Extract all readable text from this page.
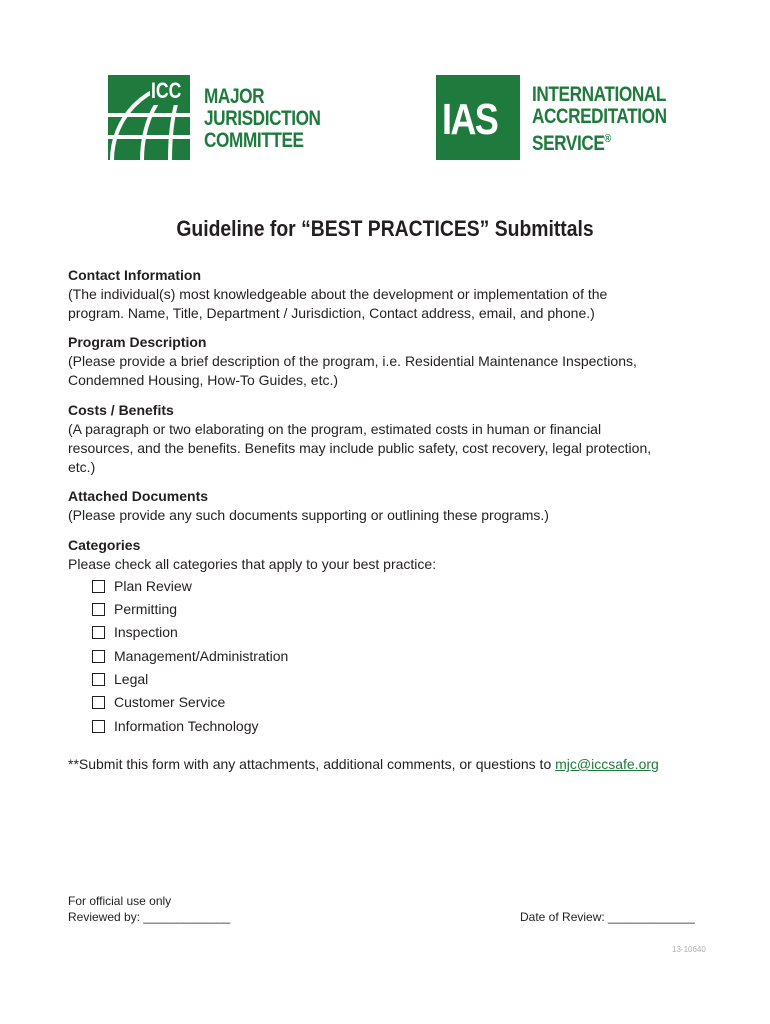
ICC MAJOR
JURISDICTION
COMMITTEE	IAS
INTERNATIONAL
ACCREDITATION
SERVICE®
Guideline for “BEST PRACTICES” Submittals

Contact Information

(The individual(s) most knowledgeable about the development or implementation of the

program. Name, Title, Department / Jurisdiction, Contact address, email, and phone.)

Program Description

(Please provide a brief description of the program, i.e. Residential Maintenance Inspections,

Condemned Housing, How-To Guides, etc.)

Costs / Benefits

(A paragraph or two elaborating on the program, estimated costs in human or financial

resources, and the benefits. Benefits may include public safety, cost recovery, legal protection,

etc.)

Attached Documents

(Please provide any such documents supporting or outlining these programs.)

Categories

Please check all categories that apply to your best practice:

Plan Review
Permitting
Inspection
Management/Administration
Legal
Customer Service
Information Technology
**Submit this form with any attachments, additional comments, or questions to mjc@iccsafe.org
For official use only
Reviewed by: _____________	Date of Review: _____________
13-10640
